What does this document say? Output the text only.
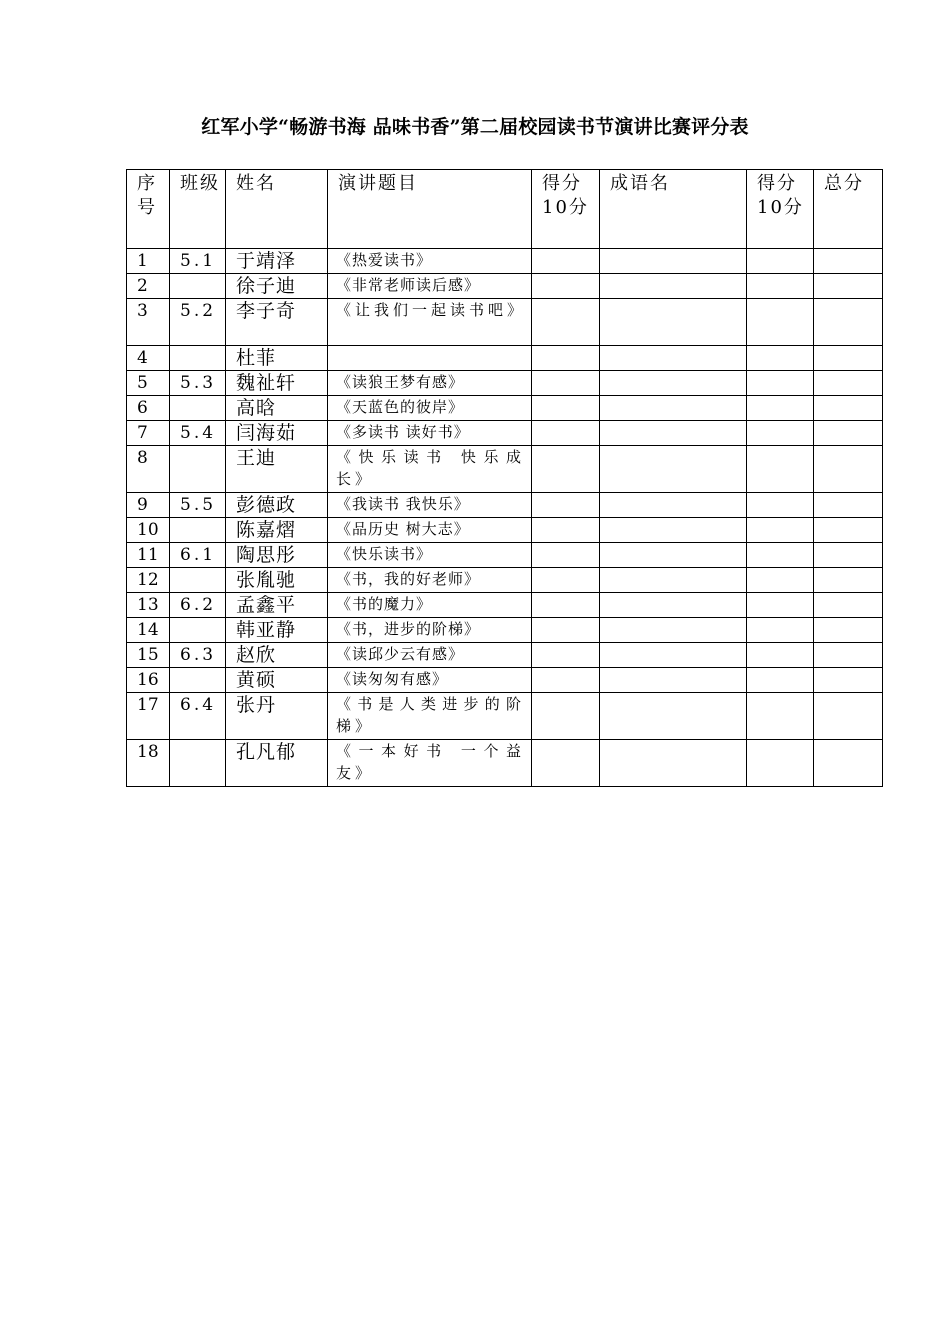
红军小学“畅游书海 品味书香”第二届校园读书节演讲比赛评分表
序号	班级	姓名	演讲题目	得分10分	成语名	得分10分	总分
1	5.1	于靖泽	《热爱读书》				
2		徐子迪	《非常老师读后感》				
3	5.2	李子奇	《让我们一起读书吧》				
4		杜菲					
5	5.3	魏祉轩	《读狼王梦有感》				
6		高晗	《天蓝色的彼岸》				
7	5.4	闫海茹	《多读书 读好书》				
8		王迪	《快乐读书 快乐成长》				
9	5.5	彭德政	《我读书 我快乐》				
10		陈嘉熠	《品历史 树大志》				
11	6.1	陶思彤	《快乐读书》				
12		张胤驰	《书，我的好老师》				
13	6.2	孟鑫平	《书的魔力》				
14		韩亚静	《书，进步的阶梯》				
15	6.3	赵欣	《读邱少云有感》				
16		黄硕	《读匆匆有感》				
17	6.4	张丹	《书是人类进步的阶梯》				
18		孔凡郁	《一本好书 一个益友》				
